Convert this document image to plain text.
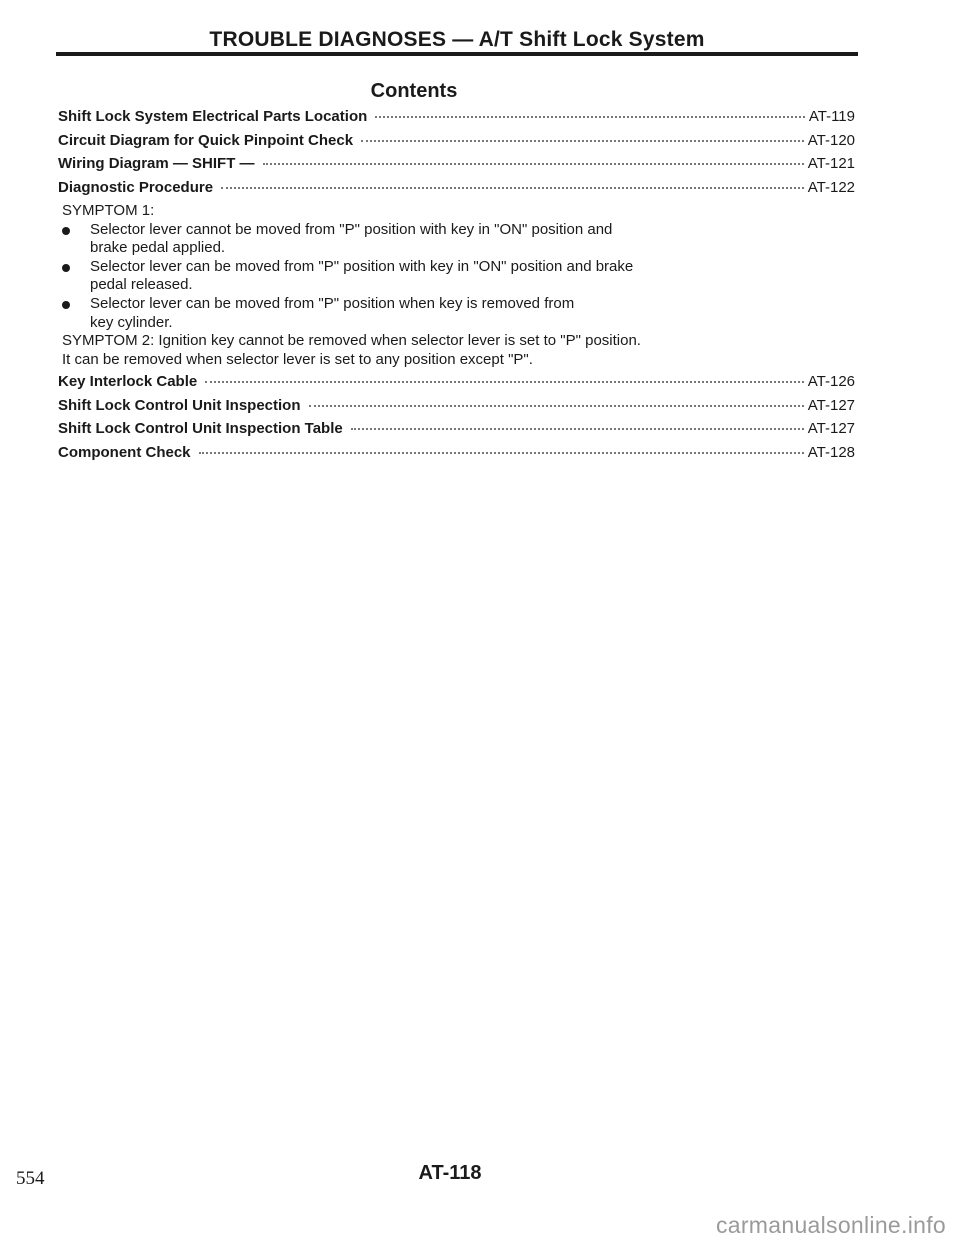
TROUBLE DIAGNOSES — A/T Shift Lock System
Contents
Shift Lock System Electrical Parts Location	AT-119
Circuit Diagram for Quick Pinpoint Check	AT-120
Wiring Diagram — SHIFT —	AT-121
Diagnostic Procedure	AT-122
SYMPTOM 1:
Selector lever cannot be moved from "P" position with key in "ON" position and
brake pedal applied.
Selector lever can be moved from "P" position with key in "ON" position and brake
pedal released.
Selector lever can be moved from "P" position when key is removed from
key cylinder.
SYMPTOM 2: Ignition key cannot be removed when selector lever is set to "P" position.
It can be removed when selector lever is set to any position except "P".
Key Interlock Cable	AT-126
Shift Lock Control Unit Inspection	AT-127
Shift Lock Control Unit Inspection Table	AT-127
Component Check	AT-128
554	AT-118
carmanualsonline.info
